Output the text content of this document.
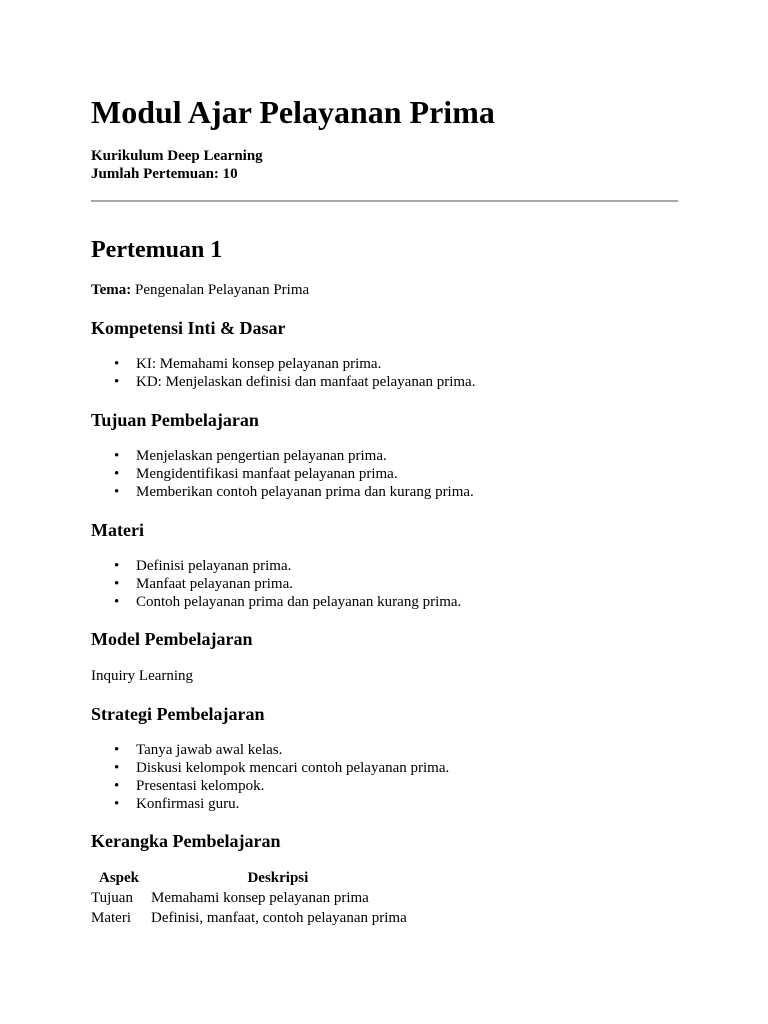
Modul Ajar Pelayanan Prima
Kurikulum Deep Learning
Jumlah Pertemuan: 10
Pertemuan 1
Tema: Pengenalan Pelayanan Prima
Kompetensi Inti & Dasar
• KI: Memahami konsep pelayanan prima.
• KD: Menjelaskan definisi dan manfaat pelayanan prima.
Tujuan Pembelajaran
• Menjelaskan pengertian pelayanan prima.
• Mengidentifikasi manfaat pelayanan prima.
• Memberikan contoh pelayanan prima dan kurang prima.
Materi
• Definisi pelayanan prima.
• Manfaat pelayanan prima.
• Contoh pelayanan prima dan pelayanan kurang prima.
Model Pembelajaran
Inquiry Learning
Strategi Pembelajaran
• Tanya jawab awal kelas.
• Diskusi kelompok mencari contoh pelayanan prima.
• Presentasi kelompok.
• Konfirmasi guru.
Kerangka Pembelajaran
Aspek	Deskripsi
Tujuan	Memahami konsep pelayanan prima
Materi	Definisi, manfaat, contoh pelayanan prima
